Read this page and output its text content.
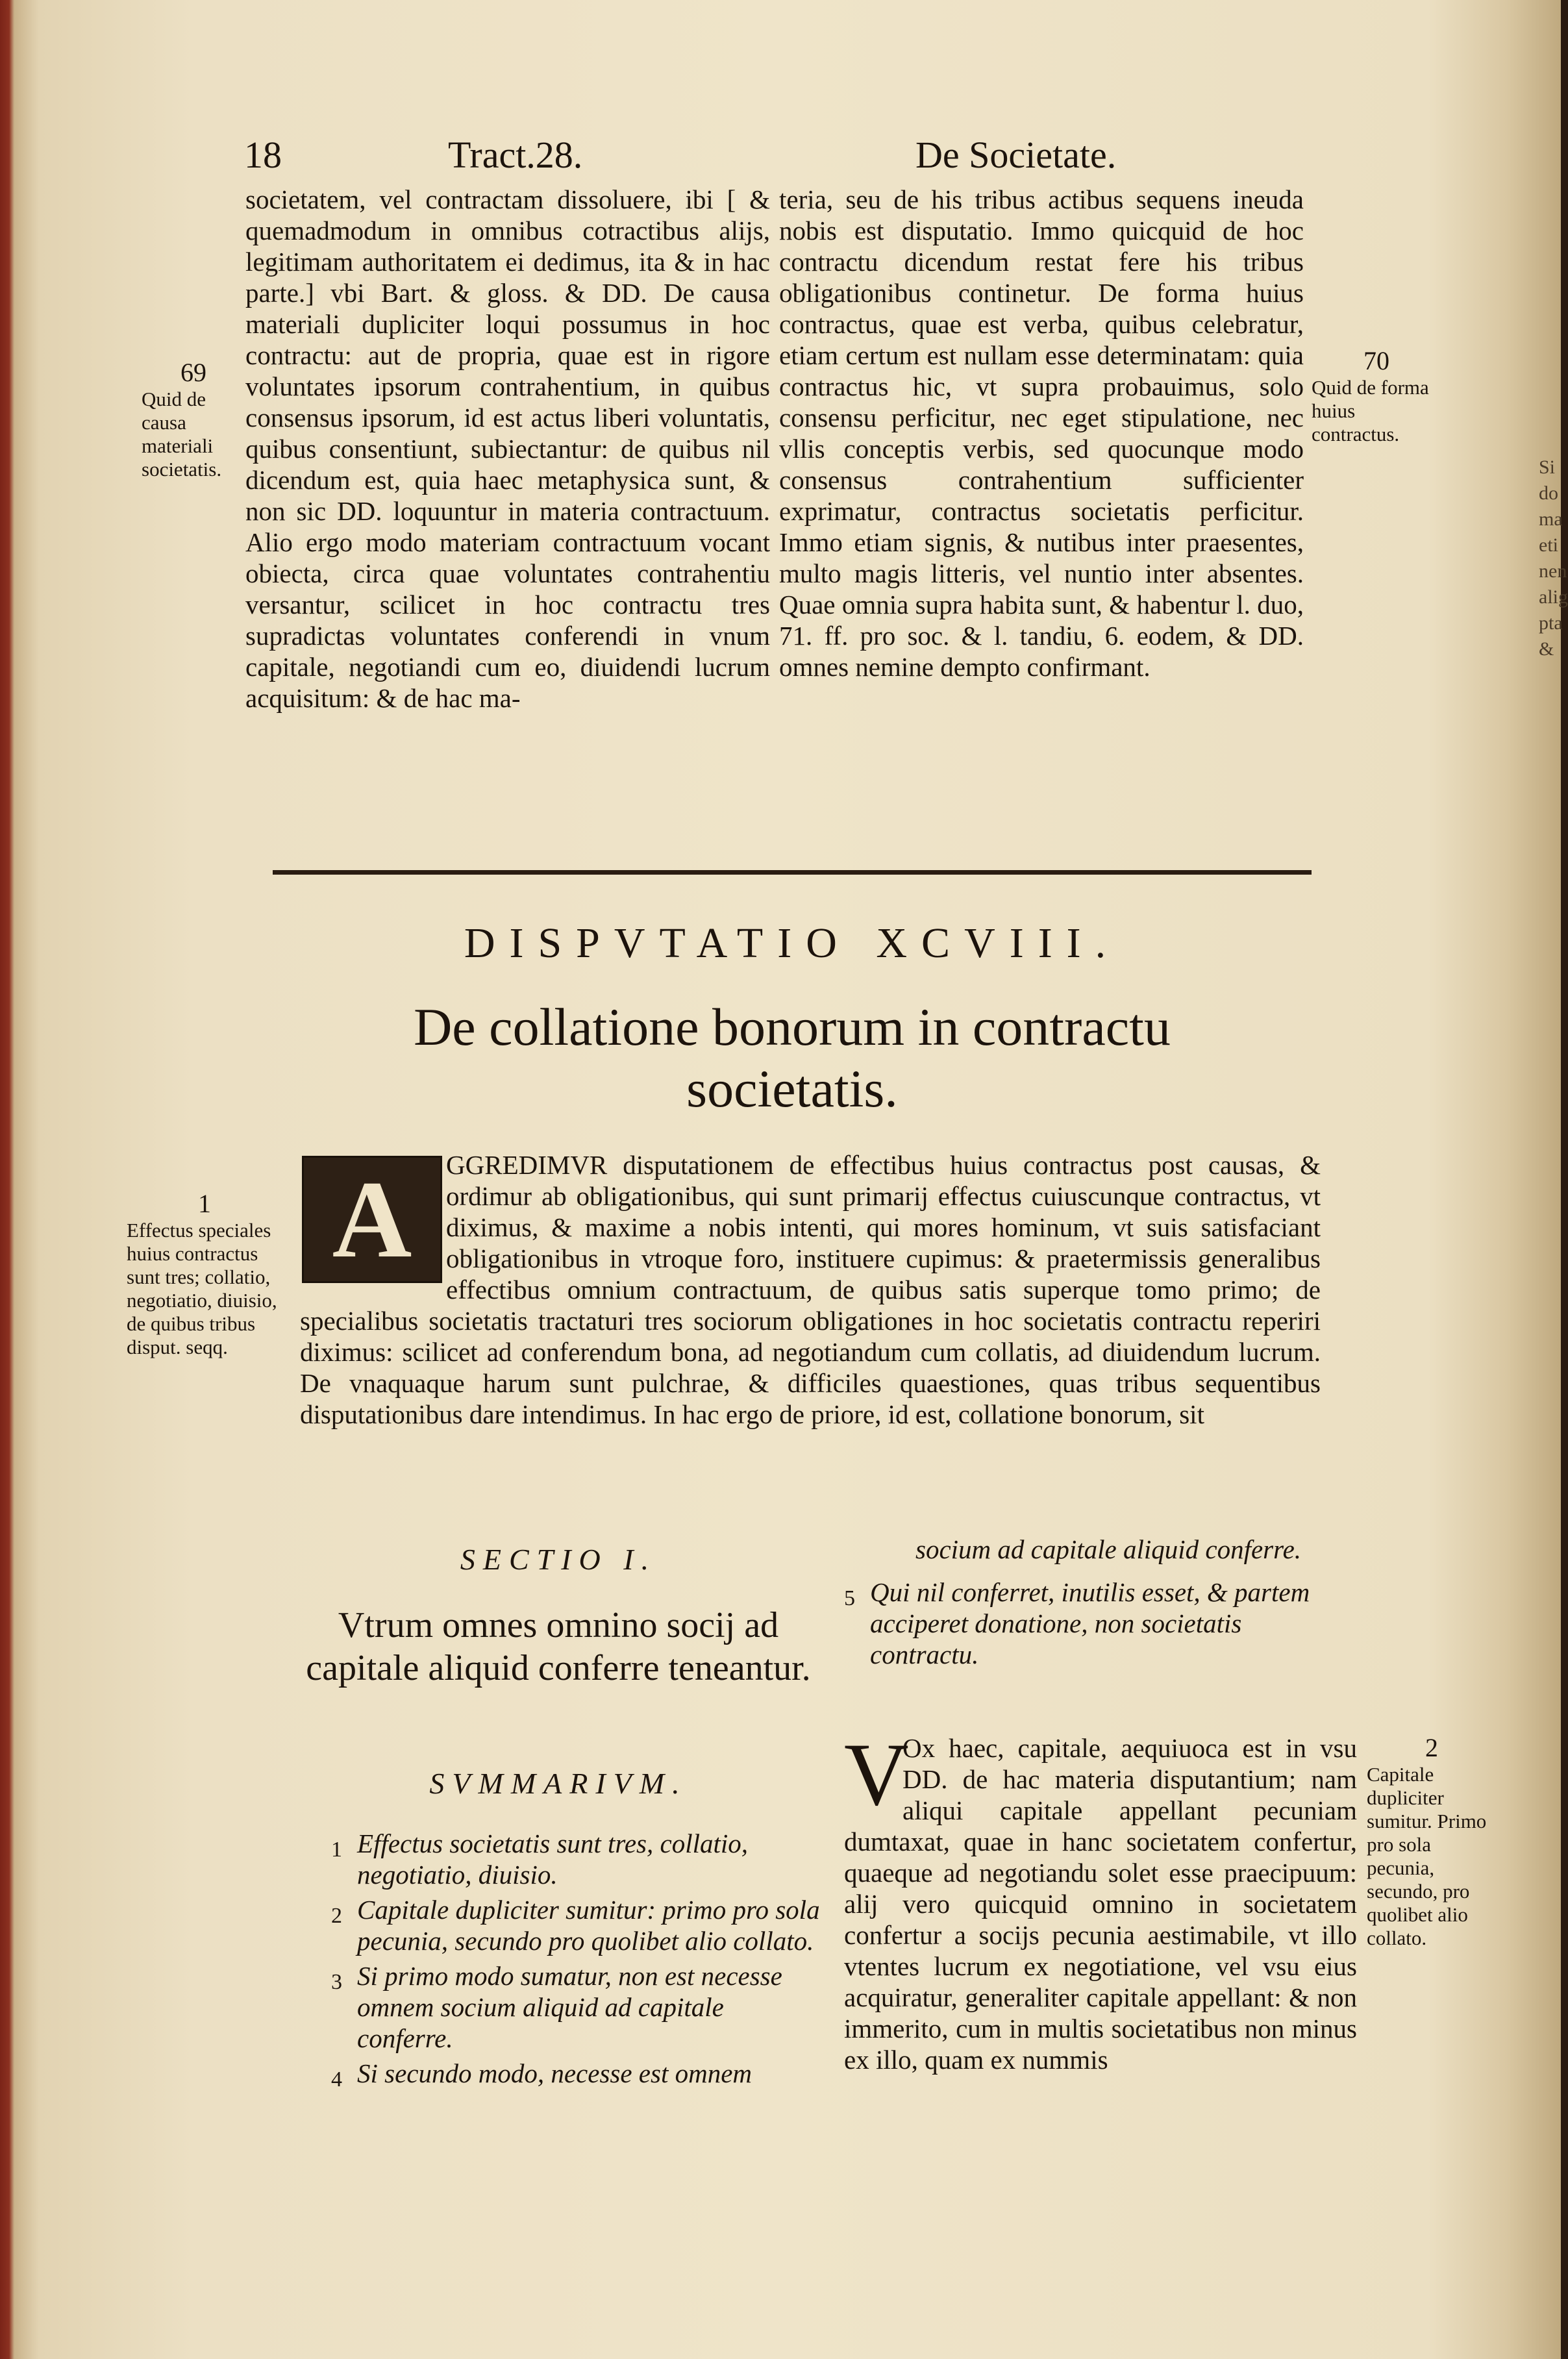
18	Tract.28.	De Societate.

societatem, vel contractam dissoluere, ibi [ & quemadmodum in omnibus cotractibus alijs, legitimam authoritatem ei dedimus, ita & in hac parte.] vbi Bart. & gloss. & DD. De causa materiali dupliciter loqui possumus in hoc contractu: aut de propria, quae est in rigore voluntates ipsorum contrahentium, in quibus consensus ipsorum, id est actus liberi voluntatis, quibus consentiunt, subiectantur: de quibus nil dicendum est, quia haec metaphysica sunt, & non sic DD. loquuntur in materia contractuum. Alio ergo modo materiam contractuum vocant obiecta, circa quae voluntates contrahentiu versantur, scilicet in hoc contractu tres supradictas voluntates conferendi in vnum capitale, negotiandi cum eo, diuidendi lucrum acquisitum: & de hac ma-

teria, seu de his tribus actibus sequens ineuda nobis est disputatio. Immo quicquid de hoc contractu dicendum restat fere his tribus obligationibus continetur. De forma huius contractus, quae est verba, quibus celebratur, etiam certum est nullam esse determinatam: quia contractus hic, vt supra probauimus, solo consensu perficitur, nec eget stipulatione, nec vllis conceptis verbis, sed quocunque modo consensus contrahentium sufficienter exprimatur, contractus societatis perficitur. Immo etiam signis, & nutibus inter praesentes, multo magis litteris, vel nuntio inter absentes. Quae omnia supra habita sunt, & habentur l. duo, 71. ff. pro soc. & l. tandiu, 6. eodem, & DD. omnes nemine dempto confirmant.

69
Quid de causa materiali societatis.
70
Quid de forma huius contractus.
DISPVTATIO XCVIII.
De collatione bonorum in contractu
societatis.
A	GGREDIMVR disputationem de effectibus huius contractus post causas, & ordimur ab obligationibus, qui sunt primarij effectus cuiuscunque contractus, vt diximus, & maxime a nobis intenti, qui mores hominum, vt suis satisfaciant obligationibus in vtroque foro, instituere cupimus: & praetermissis generalibus effectibus omnium contractuum, de quibus satis superque tomo primo; de specialibus societatis tractaturi tres sociorum obligationes in hoc societatis contractu reperiri diximus: scilicet ad conferendum bona, ad negotiandum cum collatis, ad diuidendum lucrum. De vnaquaque harum sunt pulchrae, & difficiles quaestiones, quas tribus sequentibus disputationibus dare intendimus. In hac ergo de priore, id est, collatione bonorum, sit

1
Effectus speciales huius contractus sunt tres; collatio, negotiatio, diuisio, de quibus tribus disput. seqq.
SECTIO I.
Vtrum omnes omnino socij ad capitale aliquid conferre teneantur.
SVMMARIVM.
1 Effectus societatis sunt tres, collatio, negotiatio, diuisio.
2 Capitale dupliciter sumitur: primo pro sola pecunia, secundo pro quolibet alio collato.
3 Si primo modo sumatur, non est necesse omnem socium aliquid ad capitale conferre.
4 Si secundo modo, necesse est omnem
socium ad capitale aliquid conferre.
5 Qui nil conferret, inutilis esset, & partem acciperet donatione, non societatis contractu.
V

Ox haec, capitale, aequiuoca est in vsu DD. de hac materia disputantium; nam aliqui capitale appellant pecuniam dumtaxat, quae in hanc societatem confertur, quaeque ad negotiandu solet esse praecipuum: alij vero quicquid omnino in societatem confertur a socijs pecunia aestimabile, vt illo vtentes lucrum ex negotiatione, vel vsu eius acquiratur, generaliter capitale appellant: & non immerito, cum in multis societatibus non minus ex illo, quam ex nummis

2
Capitale dupliciter sumitur. Primo pro sola pecunia, secundo, pro quolibet alio collato.
Si
do
ma
eti
nen
alig
pta
&
